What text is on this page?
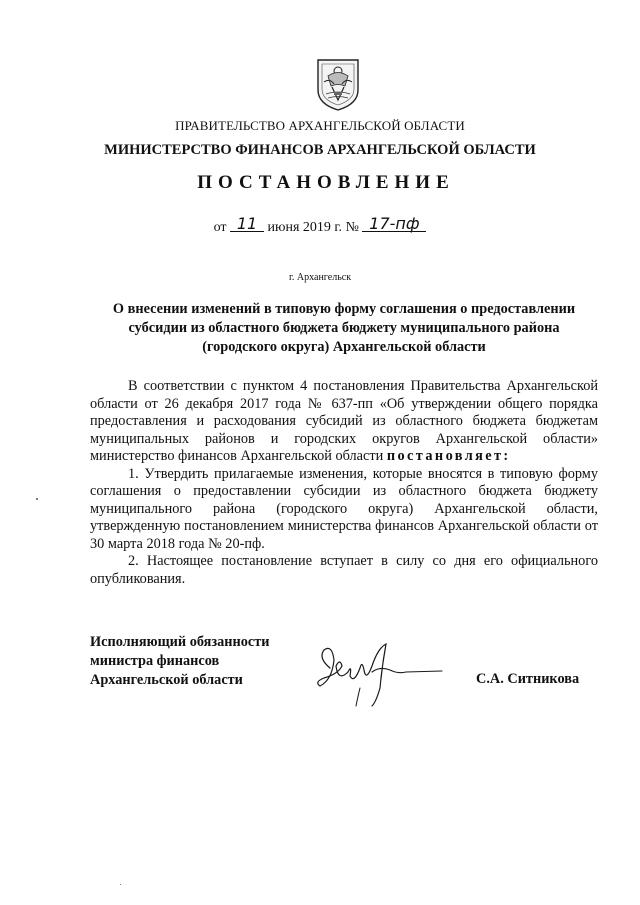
ПРАВИТЕЛЬСТВО АРХАНГЕЛЬСКОЙ ОБЛАСТИ
МИНИСТЕРСТВО ФИНАНСОВ АРХАНГЕЛЬСКОЙ ОБЛАСТИ
ПОСТАНОВЛЕНИЕ
от 11 июня 2019 г. № 17-пф
г. Архангельск
О внесении изменений в типовую форму соглашения о предоставлении субсидии из областного бюджета бюджету муниципального района (городского округа) Архангельской области

В соответствии с пунктом 4 постановления Правительства Архангельской области от 26 декабря 2017 года № 637-пп «Об утверждении общего порядка предоставления и расходования субсидий из областного бюджета бюджетам муниципальных районов и городских округов Архангельской области» министерство финансов Архангельской области постановляет:

1. Утвердить прилагаемые изменения, которые вносятся в типовую форму соглашения о предоставлении субсидии из областного бюджета бюджету муниципального района (городского округа) Архангельской области, утвержденную постановлением министерства финансов Архангельской области от 30 марта 2018 года № 20-пф.

2. Настоящее постановление вступает в силу со дня его официального опубликования.

Исполняющий обязанности
министра финансов
Архангельской области	С.А. Ситникова
